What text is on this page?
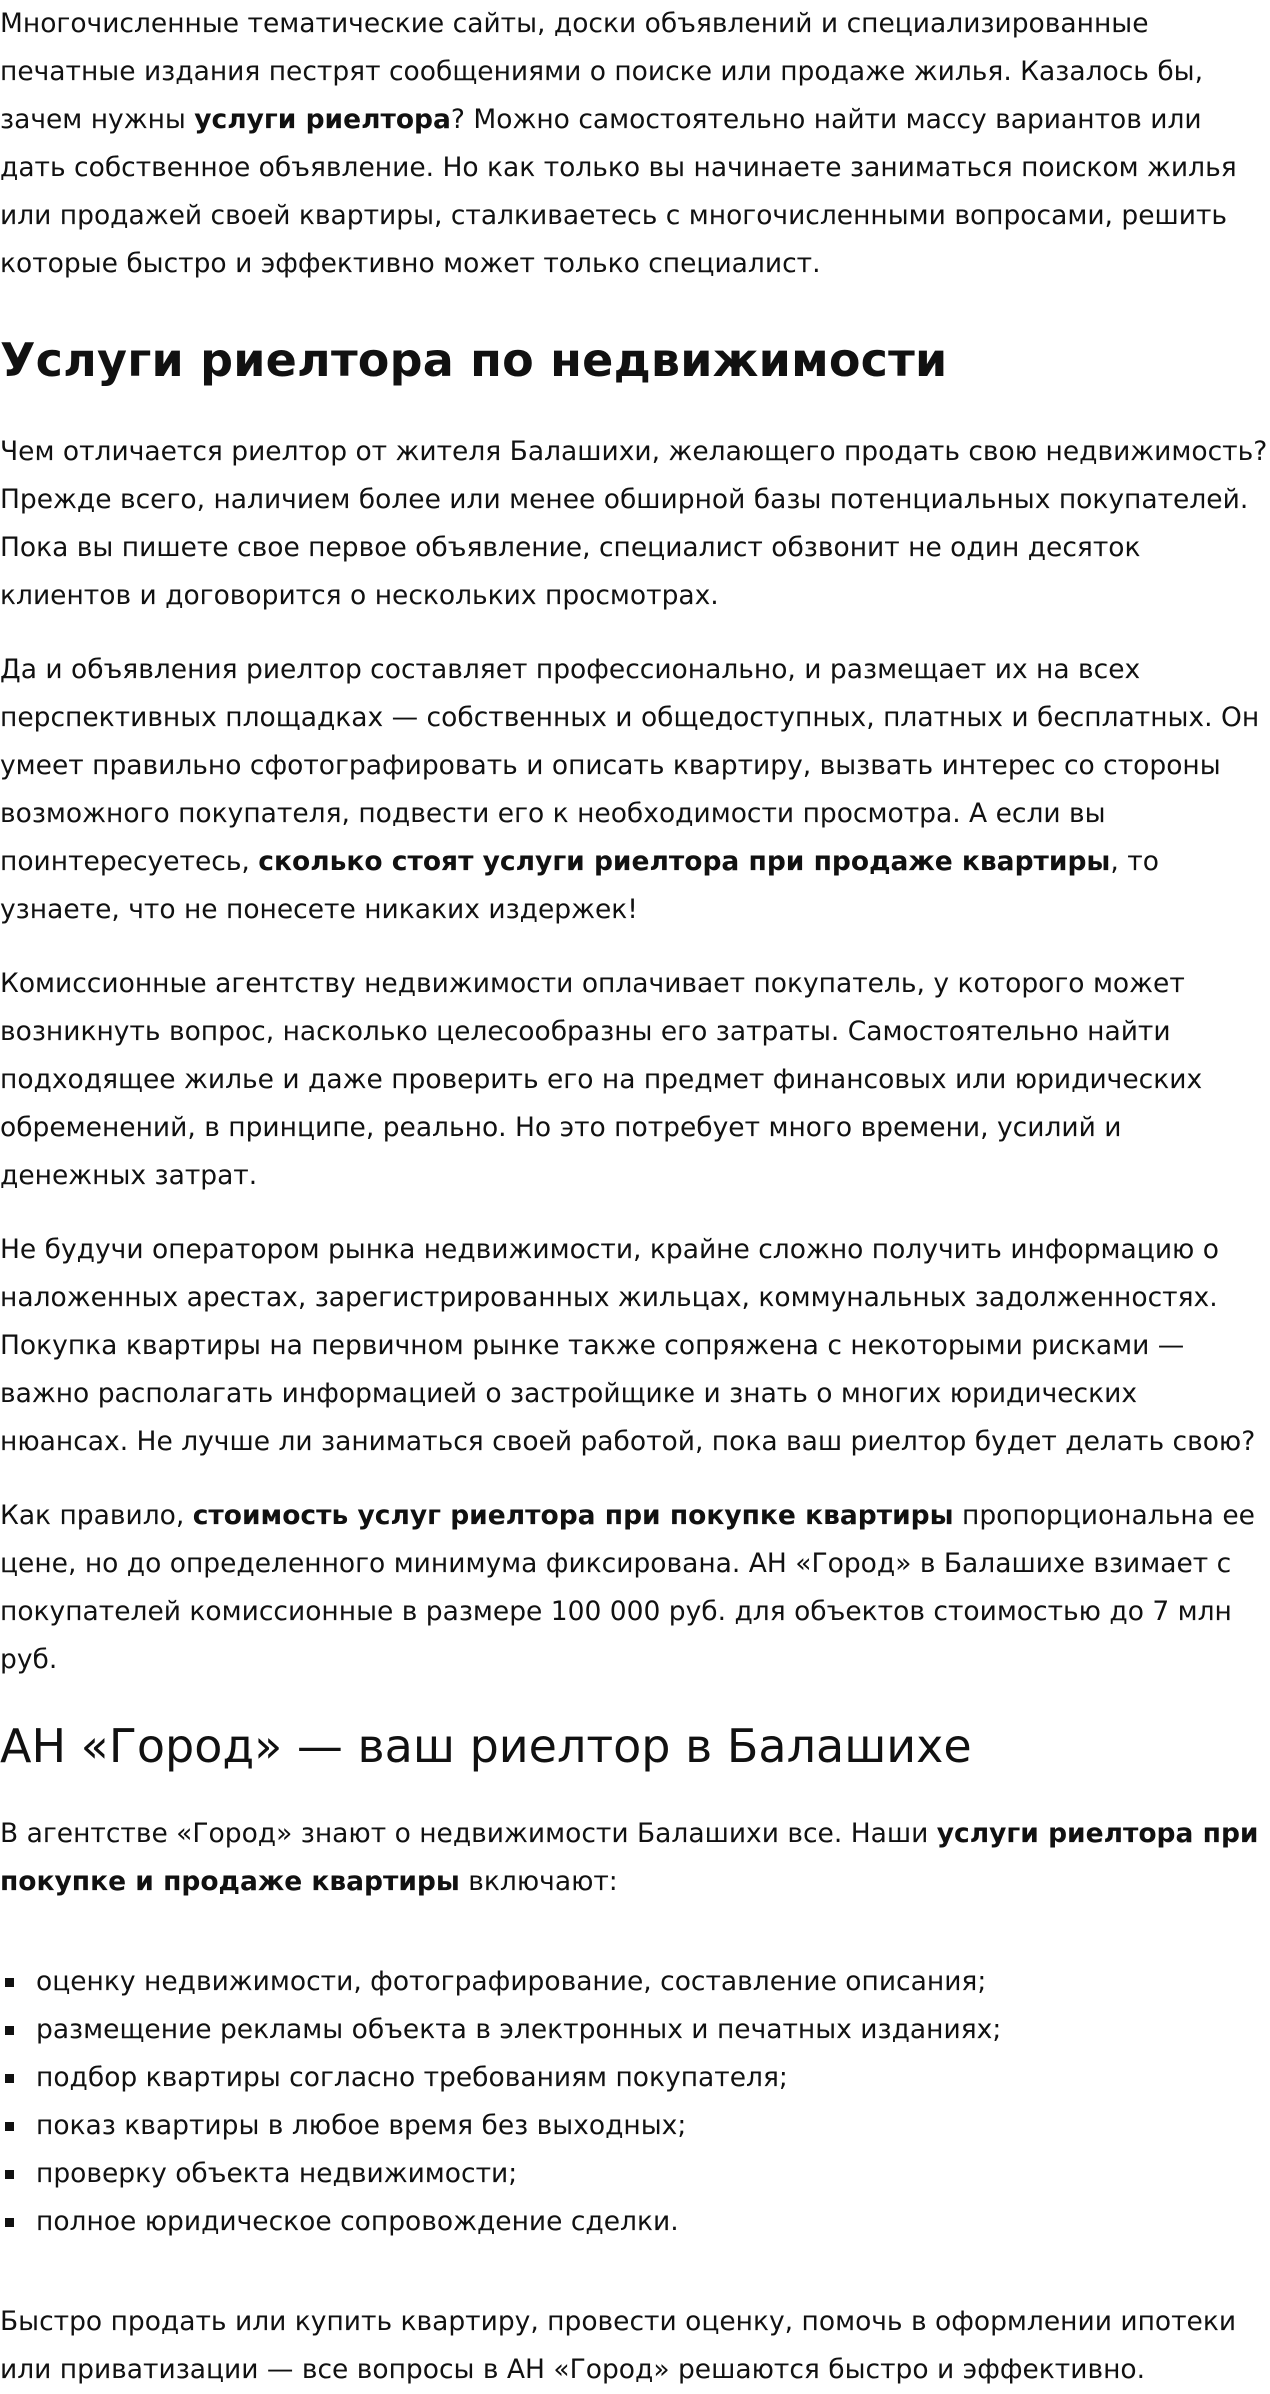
Многочисленные тематические сайты, доски объявлений и специализированные печатные издания пестрят сообщениями о поиске или продаже жилья. Казалось бы, зачем нужны услуги риелтора? Можно самостоятельно найти массу вариантов или дать собственное объявление. Но как только вы начинаете заниматься поиском жилья или продажей своей квартиры, сталкиваетесь с многочисленными вопросами, решить которые быстро и эффективно может только специалист.

Услуги риелтора по недвижимости

Чем отличается риелтор от жителя Балашихи, желающего продать свою недвижимость? Прежде всего, наличием более или менее обширной базы потенциальных покупателей. Пока вы пишете свое первое объявление, специалист обзвонит не один десяток клиентов и договорится о нескольких просмотрах.

Да и объявления риелтор составляет профессионально, и размещает их на всех перспективных площадках — собственных и общедоступных, платных и бесплатных. Он умеет правильно сфотографировать и описать квартиру, вызвать интерес со стороны возможного покупателя, подвести его к необходимости просмотра. А если вы поинтересуетесь, сколько стоят услуги риелтора при продаже квартиры, то узнаете, что не понесете никаких издержек!

Комиссионные агентству недвижимости оплачивает покупатель, у которого может возникнуть вопрос, насколько целесообразны его затраты. Самостоятельно найти подходящее жилье и даже проверить его на предмет финансовых или юридических обременений, в принципе, реально. Но это потребует много времени, усилий и денежных затрат.

Не будучи оператором рынка недвижимости, крайне сложно получить информацию о наложенных арестах, зарегистрированных жильцах, коммунальных задолженностях. Покупка квартиры на первичном рынке также сопряжена с некоторыми рисками — важно располагать информацией о застройщике и знать о многих юридических нюансах. Не лучше ли заниматься своей работой, пока ваш риелтор будет делать свою?

Как правило, стоимость услуг риелтора при покупке квартиры пропорциональна ее цене, но до определенного минимума фиксирована. АН «Город» в Балашихе взимает с покупателей комиссионные в размере 100 000 руб. для объектов стоимостью до 7 млн руб.

АН «Город» — ваш риелтор в Балашихе

В агентстве «Город» знают о недвижимости Балашихи все. Наши услуги риелтора при покупке и продаже квартиры включают:

оценку недвижимости, фотографирование, составление описания;
размещение рекламы объекта в электронных и печатных изданиях;
подбор квартиры согласно требованиям покупателя;
показ квартиры в любое время без выходных;
проверку объекта недвижимости;
полное юридическое сопровождение сделки.

Быстро продать или купить квартиру, провести оценку, помочь в оформлении ипотеки или приватизации — все вопросы в АН «Город» решаются быстро и эффективно.
